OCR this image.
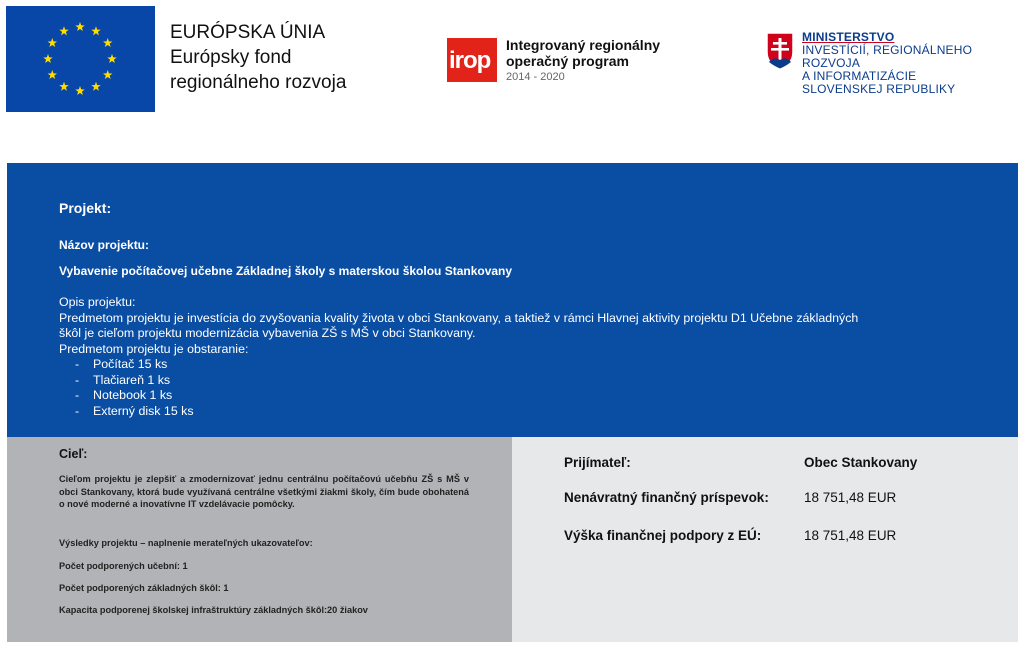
EURÓPSKA ÚNIA
Európsky fond
regionálneho rozvoja
irop
Integrovaný regionálny
operačný program
2014 - 2020
MINISTERSTVO
INVESTÍCIÍ, REGIONÁLNEHO ROZVOJA
A INFORMATIZÁCIE
SLOVENSKEJ REPUBLIKY
Projekt:
Názov projektu:
Vybavenie počítačovej učebne Základnej školy s materskou školou Stankovany
Opis projektu:
Predmetom projektu je investícia do zvyšovania kvality života v obci Stankovany, a taktiež v rámci Hlavnej aktivity projektu D1 Učebne základných
škôl je cieľom projektu modernizácia vybavenia ZŠ s MŠ v obci Stankovany.
Predmetom projektu je obstaranie:
- Počítač 15 ks
- Tlačiareň 1 ks
- Notebook 1 ks
- Externý disk 15 ks
Cieľ:
Cieľom projektu je zlepšiť a zmodernizovať jednu centrálnu počítačovú učebňu ZŠ s MŠ v obci Stankovany, ktorá bude využívaná centrálne všetkými žiakmi školy, čím bude obohatená o nové moderné a inovatívne IT vzdelávacie pomôcky.
Výsledky projektu – naplnenie merateľných ukazovateľov:
Počet podporených učební: 1
Počet podporených základných škôl: 1
Kapacita podporenej školskej infraštruktúry základných škôl:20 žiakov
Prijímateľ:	Obec Stankovany
Nenávratný finančný príspevok:	18 751,48 EUR
Výška finančnej podpory z EÚ:	18 751,48 EUR
